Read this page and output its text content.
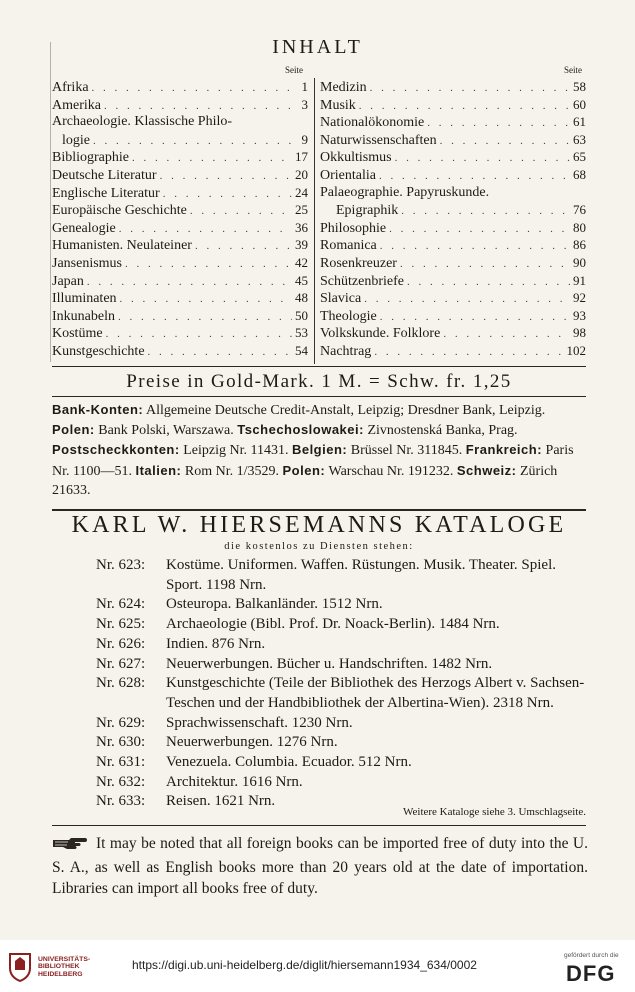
INHALT
Seite	Seite
Afrika . . .	1
Amerika . . .	3
Archaeologie. Klassische Philo-
logie . . .	9
Bibliographie . . .	17
Deutsche Literatur . . .	20
Englische Literatur . . .	24
Europäische Geschichte . . .	25
Genealogie . . .	36
Humanisten. Neulateiner . . .	39
Jansenismus . . .	42
Japan . . .	45
Illuminaten . . .	48
Inkunabeln . . .	50
Kostüme . . .	53
Kunstgeschichte . . .	54
Medizin . . .	58
Musik . . .	60
Nationalökonomie . . .	61
Naturwissenschaften . . .	63
Okkultismus . . .	65
Orientalia . . .	68
Palaeographie. Papyruskunde.
Epigraphik . . .	76
Philosophie . . .	80
Romanica . . .	86
Rosenkreuzer . . .	90
Schützenbriefe . . .	91
Slavica . . .	92
Theologie . . .	93
Volkskunde. Folklore . . .	98
Nachtrag . . .	102
Preise in Gold-Mark. 1 M. = Schw. fr. 1,25

Bank-Konten: Allgemeine Deutsche Credit-Anstalt, Leipzig; Dresdner Bank, Leipzig. Polen: Bank Polski, Warszawa. Tschechoslowakei: Zivnostenská Banka, Prag.

Postscheckkonten: Leipzig Nr. 11431. Belgien: Brüssel Nr. 311845. Frankreich: Paris Nr. 1100—51. Italien: Rom Nr. 1/3529. Polen: Warschau Nr. 191232. Schweiz: Zürich 21633.

KARL W. HIERSEMANNS KATALOGE
die kostenlos zu Diensten stehen:
Nr. 623:	Kostüme. Uniformen. Waffen. Rüstungen. Musik. Theater. Spiel. Sport. 1198 Nrn.
Nr. 624:	Osteuropa. Balkanländer. 1512 Nrn.
Nr. 625:	Archaeologie (Bibl. Prof. Dr. Noack-Berlin). 1484 Nrn.
Nr. 626:	Indien. 876 Nrn.
Nr. 627:	Neuerwerbungen. Bücher u. Handschriften. 1482 Nrn.
Nr. 628:	Kunstgeschichte (Teile der Bibliothek des Herzogs Albert v. Sachsen-Teschen und der Handbibliothek der Albertina-Wien). 2318 Nrn.
Nr. 629:	Sprachwissenschaft. 1230 Nrn.
Nr. 630:	Neuerwerbungen. 1276 Nrn.
Nr. 631:	Venezuela. Columbia. Ecuador. 512 Nrn.
Nr. 632:	Architektur. 1616 Nrn.
Nr. 633:	Reisen. 1621 Nrn.
Weitere Kataloge siehe 3. Umschlagseite.
It may be noted that all foreign books can be imported free of duty into the U. S. A., as well as English books more than 20 years old at the date of importation. Libraries can import all books free of duty.
UNIVERSITÄTS-
BIBLIOTHEK
HEIDELBERG
https://digi.ub.uni-heidelberg.de/diglit/hiersemann1934_634/0002
gefördert durch die
DFG
